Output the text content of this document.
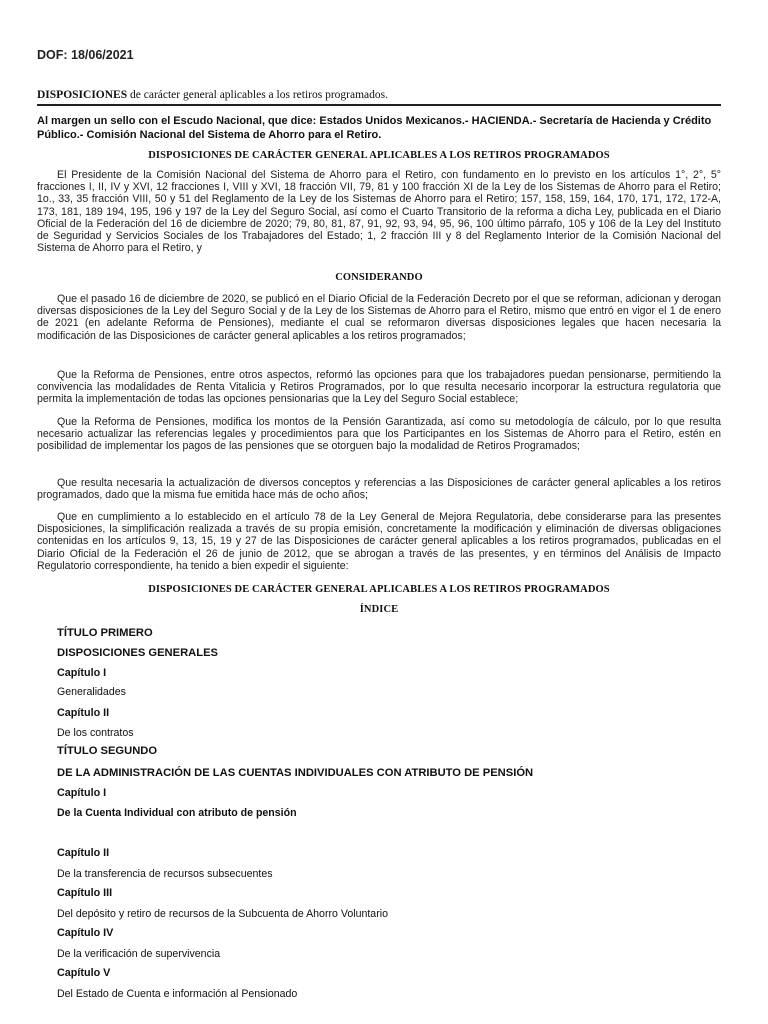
DOF: 18/06/2021
DISPOSICIONES de carácter general aplicables a los retiros programados.
Al margen un sello con el Escudo Nacional, que dice: Estados Unidos Mexicanos.- HACIENDA.- Secretaría de Hacienda y Crédito Público.- Comisión Nacional del Sistema de Ahorro para el Retiro.
DISPOSICIONES DE CARÁCTER GENERAL APLICABLES A LOS RETIROS PROGRAMADOS
El Presidente de la Comisión Nacional del Sistema de Ahorro para el Retiro, con fundamento en lo previsto en los artículos 1°, 2°, 5° fracciones I, II, IV y XVI, 12 fracciones I, VIII y XVI, 18 fracción VII, 79, 81 y 100 fracción XI de la Ley de los Sistemas de Ahorro para el Retiro; 1o., 33, 35 fracción VIII, 50 y 51 del Reglamento de la Ley de los Sistemas de Ahorro para el Retiro; 157, 158, 159, 164, 170, 171, 172, 172-A, 173, 181, 189 194, 195, 196 y 197 de la Ley del Seguro Social, así como el Cuarto Transitorio de la reforma a dicha Ley, publicada en el Diario Oficial de la Federación del 16 de diciembre de 2020; 79, 80, 81, 87, 91, 92, 93, 94, 95, 96, 100 último párrafo, 105 y 106 de la Ley del Instituto de Seguridad y Servicios Sociales de los Trabajadores del Estado; 1, 2 fracción III y 8 del Reglamento Interior de la Comisión Nacional del Sistema de Ahorro para el Retiro, y
CONSIDERANDO
Que el pasado 16 de diciembre de 2020, se publicó en el Diario Oficial de la Federación Decreto por el que se reforman, adicionan y derogan diversas disposiciones de la Ley del Seguro Social y de la Ley de los Sistemas de Ahorro para el Retiro, mismo que entró en vigor el 1 de enero de 2021 (en adelante Reforma de Pensiones), mediante el cual se reformaron diversas disposiciones legales que hacen necesaria la modificación de las Disposiciones de carácter general aplicables a los retiros programados;
Que la Reforma de Pensiones, entre otros aspectos, reformó las opciones para que los trabajadores puedan pensionarse, permitiendo la convivencia las modalidades de Renta Vitalicia y Retiros Programados, por lo que resulta necesario incorporar la estructura regulatoria que permita la implementación de todas las opciones pensionarias que la Ley del Seguro Social establece;
Que la Reforma de Pensiones, modifica los montos de la Pensión Garantizada, así como su metodología de cálculo, por lo que resulta necesario actualizar las referencias legales y procedimientos para que los Participantes en los Sistemas de Ahorro para el Retiro, estén en posibilidad de implementar los pagos de las pensiones que se otorguen bajo la modalidad de Retiros Programados;
Que resulta necesaria la actualización de diversos conceptos y referencias a las Disposiciones de carácter general aplicables a los retiros programados, dado que la misma fue emitida hace más de ocho años;
Que en cumplimiento a lo establecido en el artículo 78 de la Ley General de Mejora Regulatoria, debe considerarse para las presentes Disposiciones, la simplificación realizada a través de su propia emisión, concretamente la modificación y eliminación de diversas obligaciones contenidas en los artículos 9, 13, 15, 19 y 27 de las Disposiciones de carácter general aplicables a los retiros programados, publicadas en el Diario Oficial de la Federación el 26 de junio de 2012, que se abrogan a través de las presentes, y en términos del Análisis de Impacto Regulatorio correspondiente, ha tenido a bien expedir el siguiente:
DISPOSICIONES DE CARÁCTER GENERAL APLICABLES A LOS RETIROS PROGRAMADOS
ÍNDICE
TÍTULO PRIMERO
DISPOSICIONES GENERALES
Capítulo I
Generalidades
Capítulo II
De los contratos
TÍTULO SEGUNDO
DE LA ADMINISTRACIÓN DE LAS CUENTAS INDIVIDUALES CON ATRIBUTO DE PENSIÓN
Capítulo I
De la Cuenta Individual con atributo de pensión
Capítulo II
De la transferencia de recursos subsecuentes
Capítulo III
Del depósito y retiro de recursos de la Subcuenta de Ahorro Voluntario
Capítulo IV
De la verificación de supervivencia
Capítulo V
Del Estado de Cuenta e información al Pensionado
